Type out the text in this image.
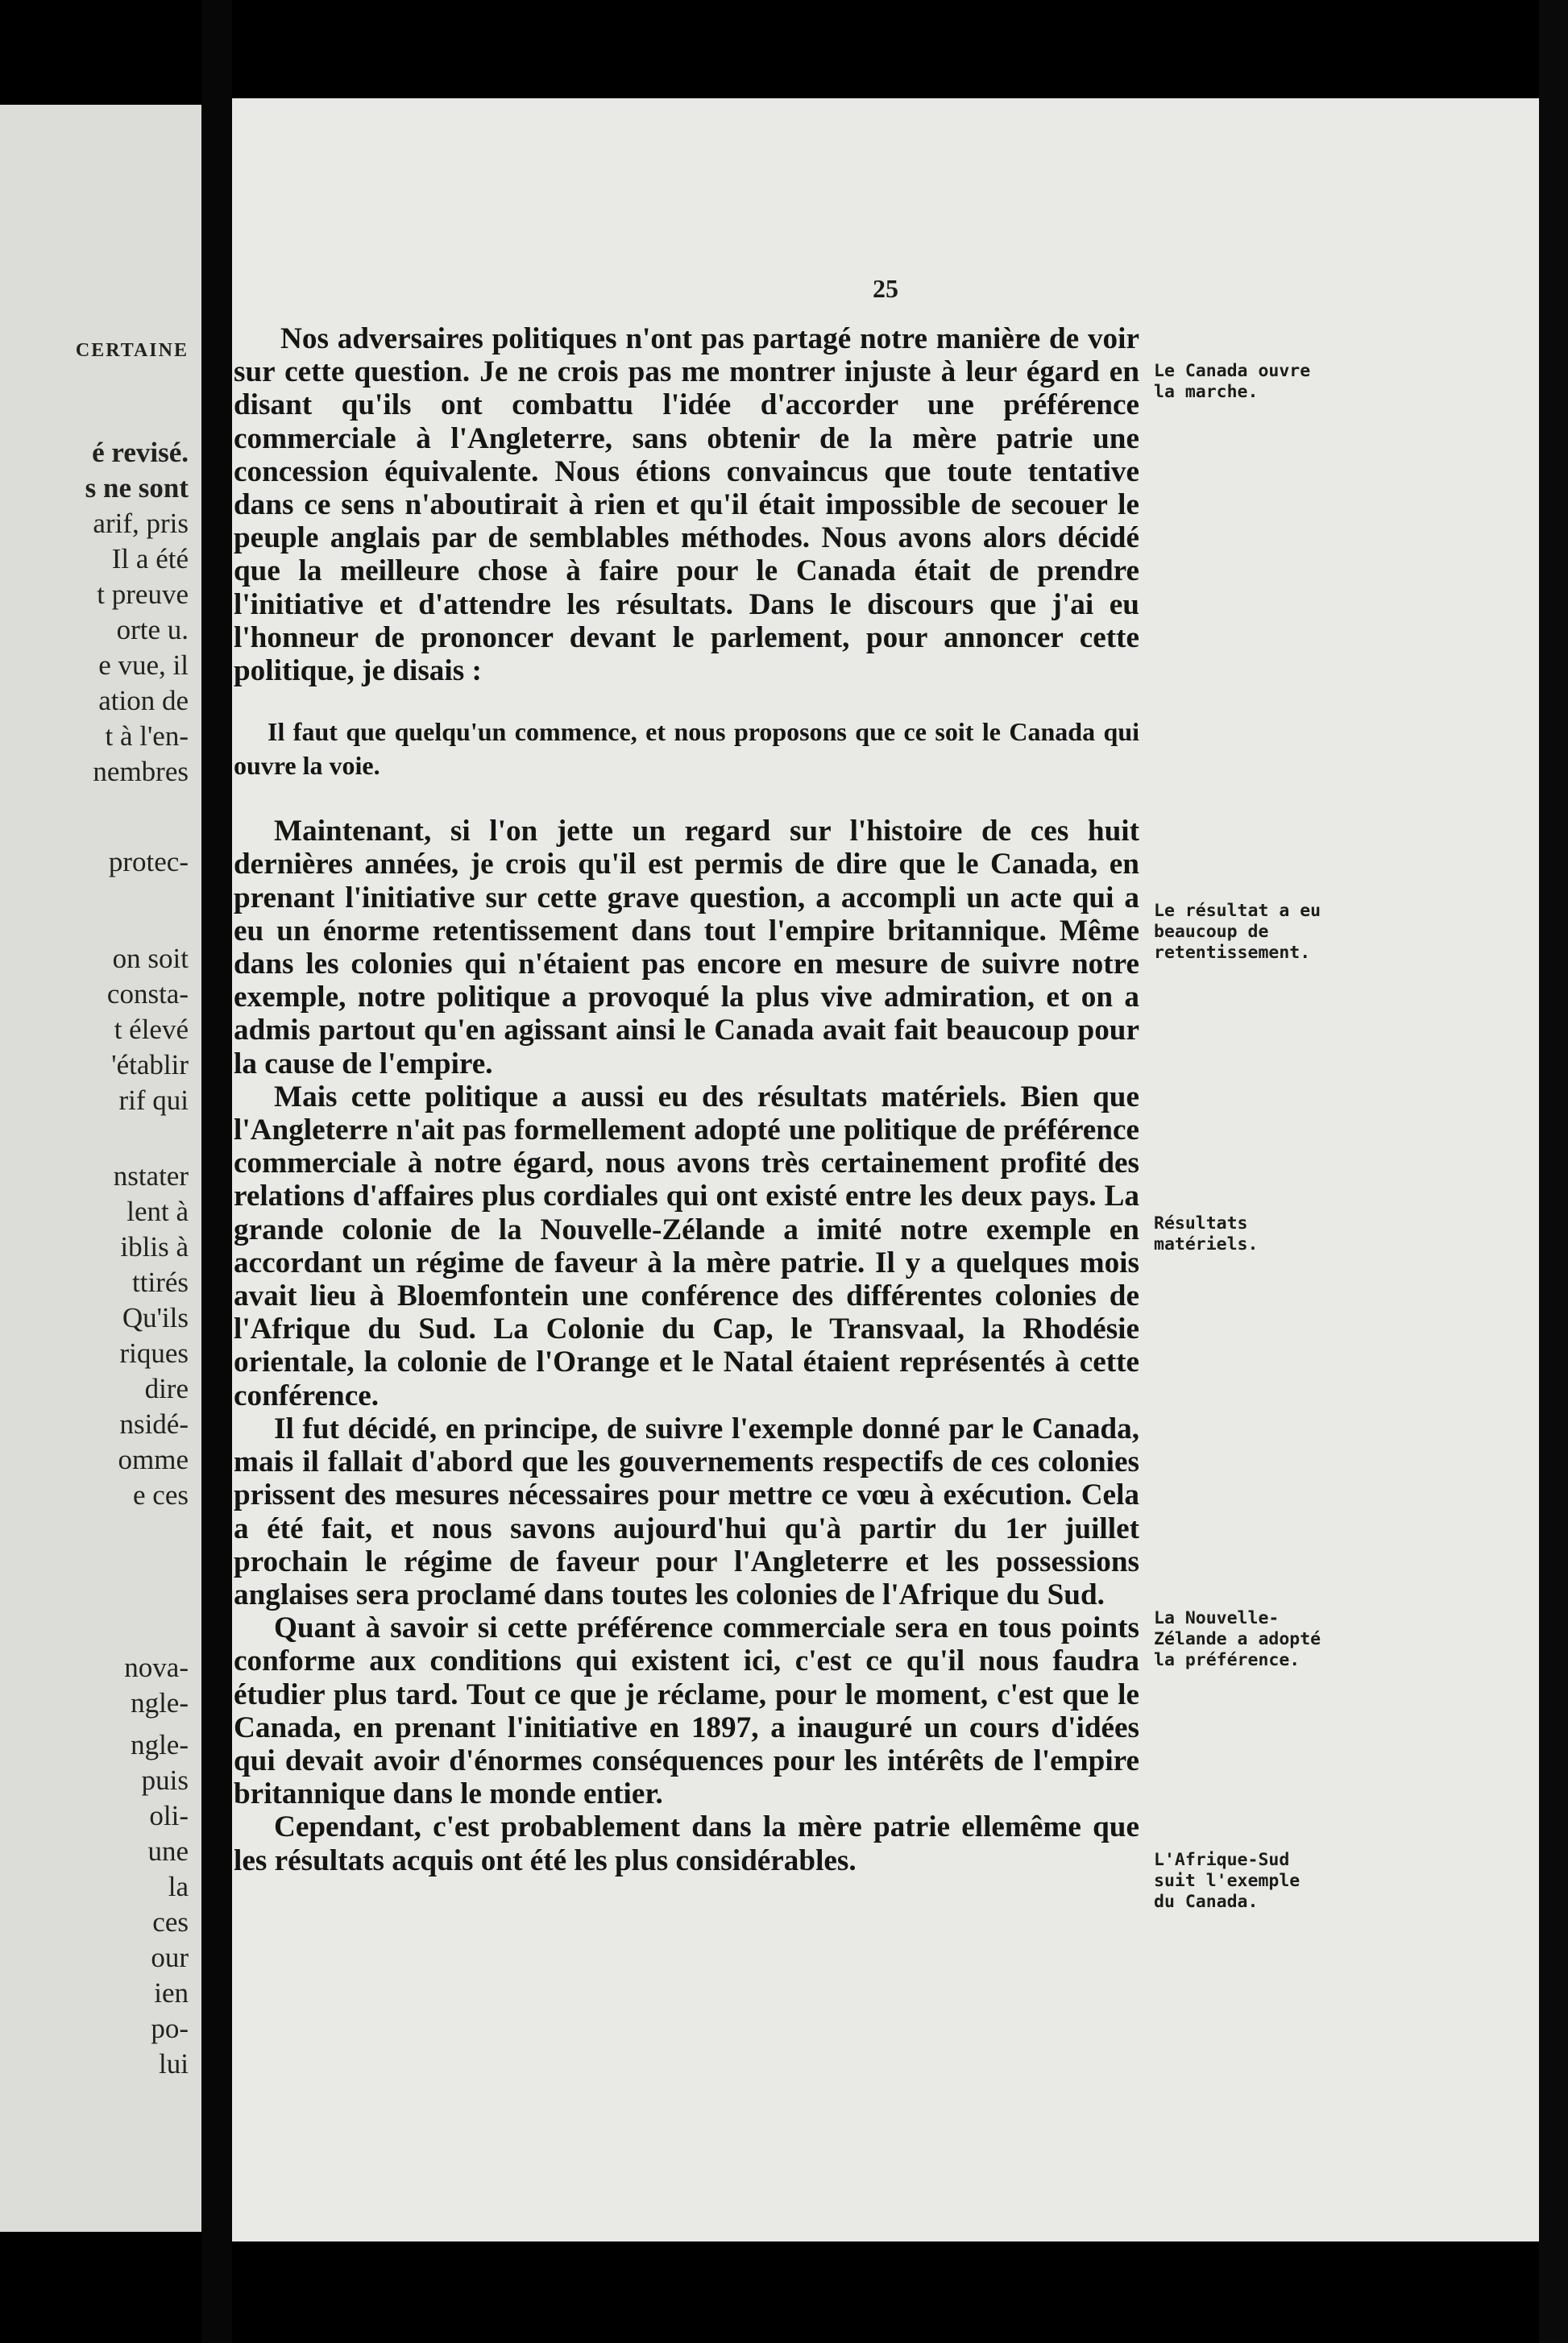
CERTAINE
é revisé.
s ne sont
arif, pris
Il a été
t preuve
orte u.
e vue, il
ation de
t à l'en-
nembres
protec-
on soit
consta-
t élevé
'établir
rif qui
nstater
lent à
iblis à
ttirés
Qu'ils
riques
dire
nsidé-
omme
e ces
nova-
ngle-
ngle-
puis
oli-
une
la
ces
our
ien
po-
lui
25

Nos adversaires politiques n'ont pas partagé notre manière de voir sur cette question. Je ne crois pas me montrer injuste à leur égard en disant qu'ils ont combattu l'idée d'accorder une préférence commerciale à l'Angleterre, sans obtenir de la mère patrie une concession équivalente. Nous étions convaincus que toute tentative dans ce sens n'aboutirait à rien et qu'il était impossible de secouer le peuple anglais par de semblables méthodes. Nous avons alors décidé que la meilleure chose à faire pour le Canada était de prendre l'initiative et d'attendre les résultats. Dans le discours que j'ai eu l'honneur de prononcer devant le parlement, pour annoncer cette politique, je disais :

Il faut que quelqu'un commence, et nous proposons que ce soit le Canada qui ouvre la voie.

Maintenant, si l'on jette un regard sur l'histoire de ces huit dernières années, je crois qu'il est permis de dire que le Canada, en prenant l'initiative sur cette grave question, a accompli un acte qui a eu un énorme retentissement dans tout l'empire britannique. Même dans les colonies qui n'étaient pas encore en mesure de suivre notre exemple, notre politique a provoqué la plus vive admiration, et on a admis partout qu'en agissant ainsi le Canada avait fait beaucoup pour la cause de l'empire.

Mais cette politique a aussi eu des résultats matériels. Bien que l'Angleterre n'ait pas formellement adopté une politique de préférence commerciale à notre égard, nous avons très certainement profité des relations d'affaires plus cordiales qui ont existé entre les deux pays. La grande colonie de la Nouvelle-Zélande a imité notre exemple en accordant un régime de faveur à la mère patrie. Il y a quelques mois avait lieu à Bloemfontein une conférence des différentes colonies de l'Afrique du Sud. La Colonie du Cap, le Transvaal, la Rhodésie orientale, la colonie de l'Orange et le Natal étaient représentés à cette conférence.

Il fut décidé, en principe, de suivre l'exemple donné par le Canada, mais il fallait d'abord que les gouvernements respectifs de ces colonies prissent des mesures nécessaires pour mettre ce vœu à exécution. Cela a été fait, et nous savons aujourd'hui qu'à partir du 1er juillet prochain le régime de faveur pour l'Angleterre et les possessions anglaises sera proclamé dans toutes les colonies de l'Afrique du Sud.

Quant à savoir si cette préférence commerciale sera en tous points conforme aux conditions qui existent ici, c'est ce qu'il nous faudra étudier plus tard. Tout ce que je réclame, pour le moment, c'est que le Canada, en prenant l'initiative en 1897, a inauguré un cours d'idées qui devait avoir d'énormes conséquences pour les intérêts de l'empire britannique dans le monde entier.

Cependant, c'est probablement dans la mère patrie ellemême que les résultats acquis ont été les plus considérables.

Le Canada ouvre la marche.
Le résultat a eu beaucoup de retentissement.
Résultats matériels.
La Nouvelle-Zélande a adopté la préférence.
L'Afrique-Sud suit l'exemple du Canada.
